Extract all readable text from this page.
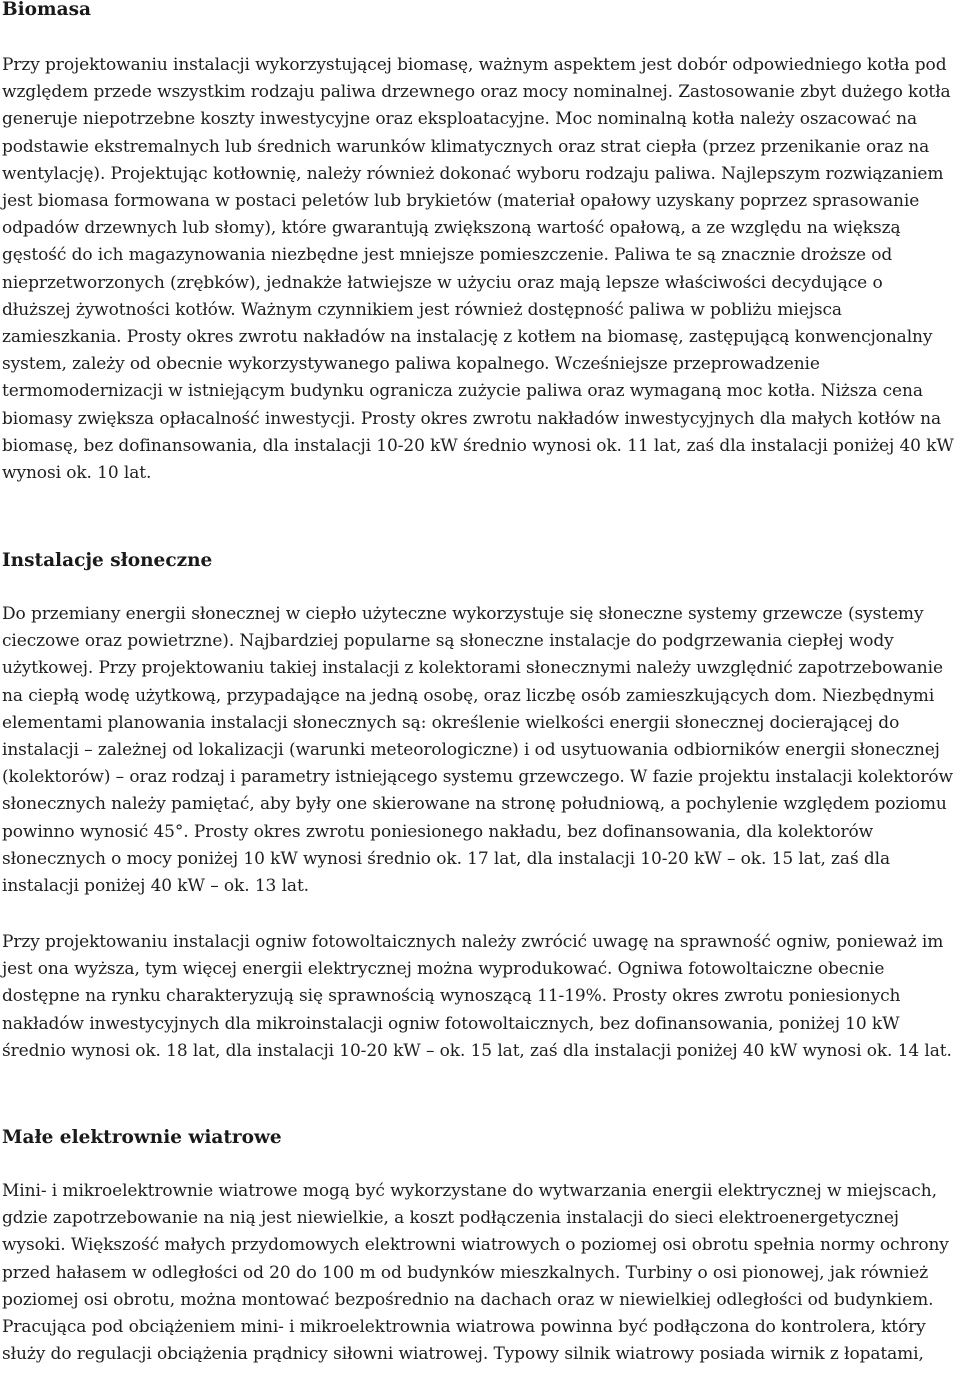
Biomasa

Przy projektowaniu instalacji wykorzystującej biomasę, ważnym aspektem jest dobór odpowiedniego kotła pod względem przede wszystkim rodzaju paliwa drzewnego oraz mocy nominalnej. Zastosowanie zbyt dużego kotła generuje niepotrzebne koszty inwestycyjne oraz eksploatacyjne. Moc nominalną kotła należy oszacować na podstawie ekstremalnych lub średnich warunków klimatycznych oraz strat ciepła (przez przenikanie oraz na wentylację). Projektując kotłownię, należy również dokonać wyboru rodzaju paliwa. Najlepszym rozwiązaniem jest biomasa formowana w postaci peletów lub brykietów (materiał opałowy uzyskany poprzez sprasowanie odpadów drzewnych lub słomy), które gwarantują zwiększoną wartość opałową, a ze względu na większą gęstość do ich magazynowania niezbędne jest mniejsze pomieszczenie. Paliwa te są znacznie droższe od nieprzetworzonych (zrębków), jednakże łatwiejsze w użyciu oraz mają lepsze właściwości decydujące o dłuższej żywotności kotłów. Ważnym czynnikiem jest również dostępność paliwa w pobliżu miejsca zamieszkania. Prosty okres zwrotu nakładów na instalację z kotłem na biomasę, zastępującą konwencjonalny system, zależy od obecnie wykorzystywanego paliwa kopalnego. Wcześniejsze przeprowadzenie termomodernizacji w istniejącym budynku ogranicza zużycie paliwa oraz wymaganą moc kotła. Niższa cena biomasy zwiększa opłacalność inwestycji. Prosty okres zwrotu nakładów inwestycyjnych dla małych kotłów na biomasę, bez dofinansowania, dla instalacji 10-20 kW średnio wynosi ok. 11 lat, zaś dla instalacji poniżej 40 kW wynosi ok. 10 lat.

Instalacje słoneczne

Do przemiany energii słonecznej w ciepło użyteczne wykorzystuje się słoneczne systemy grzewcze (systemy cieczowe oraz powietrzne). Najbardziej popularne są słoneczne instalacje do podgrzewania ciepłej wody użytkowej. Przy projektowaniu takiej instalacji z kolektorami słonecznymi należy uwzględnić zapotrzebowanie na ciepłą wodę użytkową, przypadające na jedną osobę, oraz liczbę osób zamieszkujących dom. Niezbędnymi elementami planowania instalacji słonecznych są: określenie wielkości energii słonecznej docierającej do instalacji – zależnej od lokalizacji (warunki meteorologiczne) i od usytuowania odbiorników energii słonecznej (kolektorów) – oraz rodzaj i parametry istniejącego systemu grzewczego. W fazie projektu instalacji kolektorów słonecznych należy pamiętać, aby były one skierowane na stronę południową, a pochylenie względem poziomu powinno wynosić 45°. Prosty okres zwrotu poniesionego nakładu, bez dofinansowania, dla kolektorów słonecznych o mocy poniżej 10 kW wynosi średnio ok. 17 lat, dla instalacji 10-20 kW – ok. 15 lat, zaś dla instalacji poniżej 40 kW – ok. 13 lat.

Przy projektowaniu instalacji ogniw fotowoltaicznych należy zwrócić uwagę na sprawność ogniw, ponieważ im jest ona wyższa, tym więcej energii elektrycznej można wyprodukować. Ogniwa fotowoltaiczne obecnie dostępne na rynku charakteryzują się sprawnością wynoszącą 11-19%. Prosty okres zwrotu poniesionych nakładów inwestycyjnych dla mikroinstalacji ogniw fotowoltaicznych, bez dofinansowania, poniżej 10 kW średnio wynosi ok. 18 lat, dla instalacji 10-20 kW – ok. 15 lat, zaś dla instalacji poniżej 40 kW wynosi ok. 14 lat.

Małe elektrownie wiatrowe

Mini- i mikroelektrownie wiatrowe mogą być wykorzystane do wytwarzania energii elektrycznej w miejscach, gdzie zapotrzebowanie na nią jest niewielkie, a koszt podłączenia instalacji do sieci elektroenergetycznej wysoki. Większość małych przydomowych elektrowni wiatrowych o poziomej osi obrotu spełnia normy ochrony przed hałasem w odległości od 20 do 100 m od budynków mieszkalnych. Turbiny o osi pionowej, jak również poziomej osi obrotu, można montować bezpośrednio na dachach oraz w niewielkiej odległości od budynkiem. Pracująca pod obciążeniem mini- i mikroelektrownia wiatrowa powinna być podłączona do kontrolera, który służy do regulacji obciążenia prądnicy siłowni wiatrowej. Typowy silnik wiatrowy posiada wirnik z łopatami,
